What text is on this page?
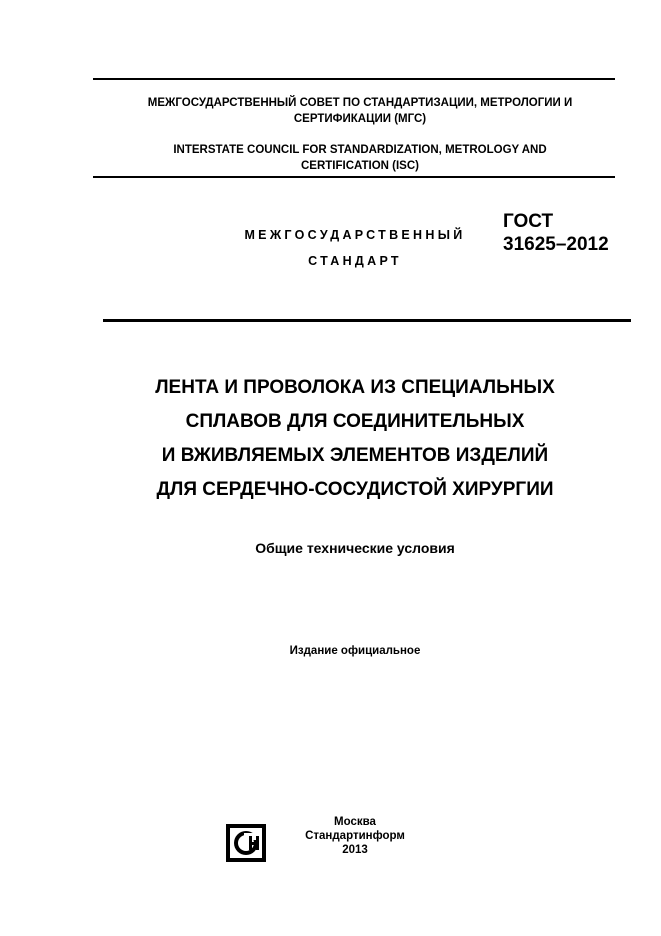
МЕЖГОСУДАРСТВЕННЫЙ СОВЕТ ПО СТАНДАРТИЗАЦИИ, МЕТРОЛОГИИ И
СЕРТИФИКАЦИИ (МГС)
INTERSTATE COUNCIL FOR STANDARDIZATION, METROLOGY AND
CERTIFICATION (ISC)
МЕЖГОСУДАРСТВЕННЫЙ
СТАНДАРТ
ГОСТ
31625–2012
ЛЕНТА И ПРОВОЛОКА ИЗ СПЕЦИАЛЬНЫХ
СПЛАВОВ ДЛЯ СОЕДИНИТЕЛЬНЫХ
И ВЖИВЛЯЕМЫХ ЭЛЕМЕНТОВ ИЗДЕЛИЙ
ДЛЯ СЕРДЕЧНО-СОСУДИСТОЙ ХИРУРГИИ
Общие технические условия
Издание официальное
Москва
Стандартинформ
2013
